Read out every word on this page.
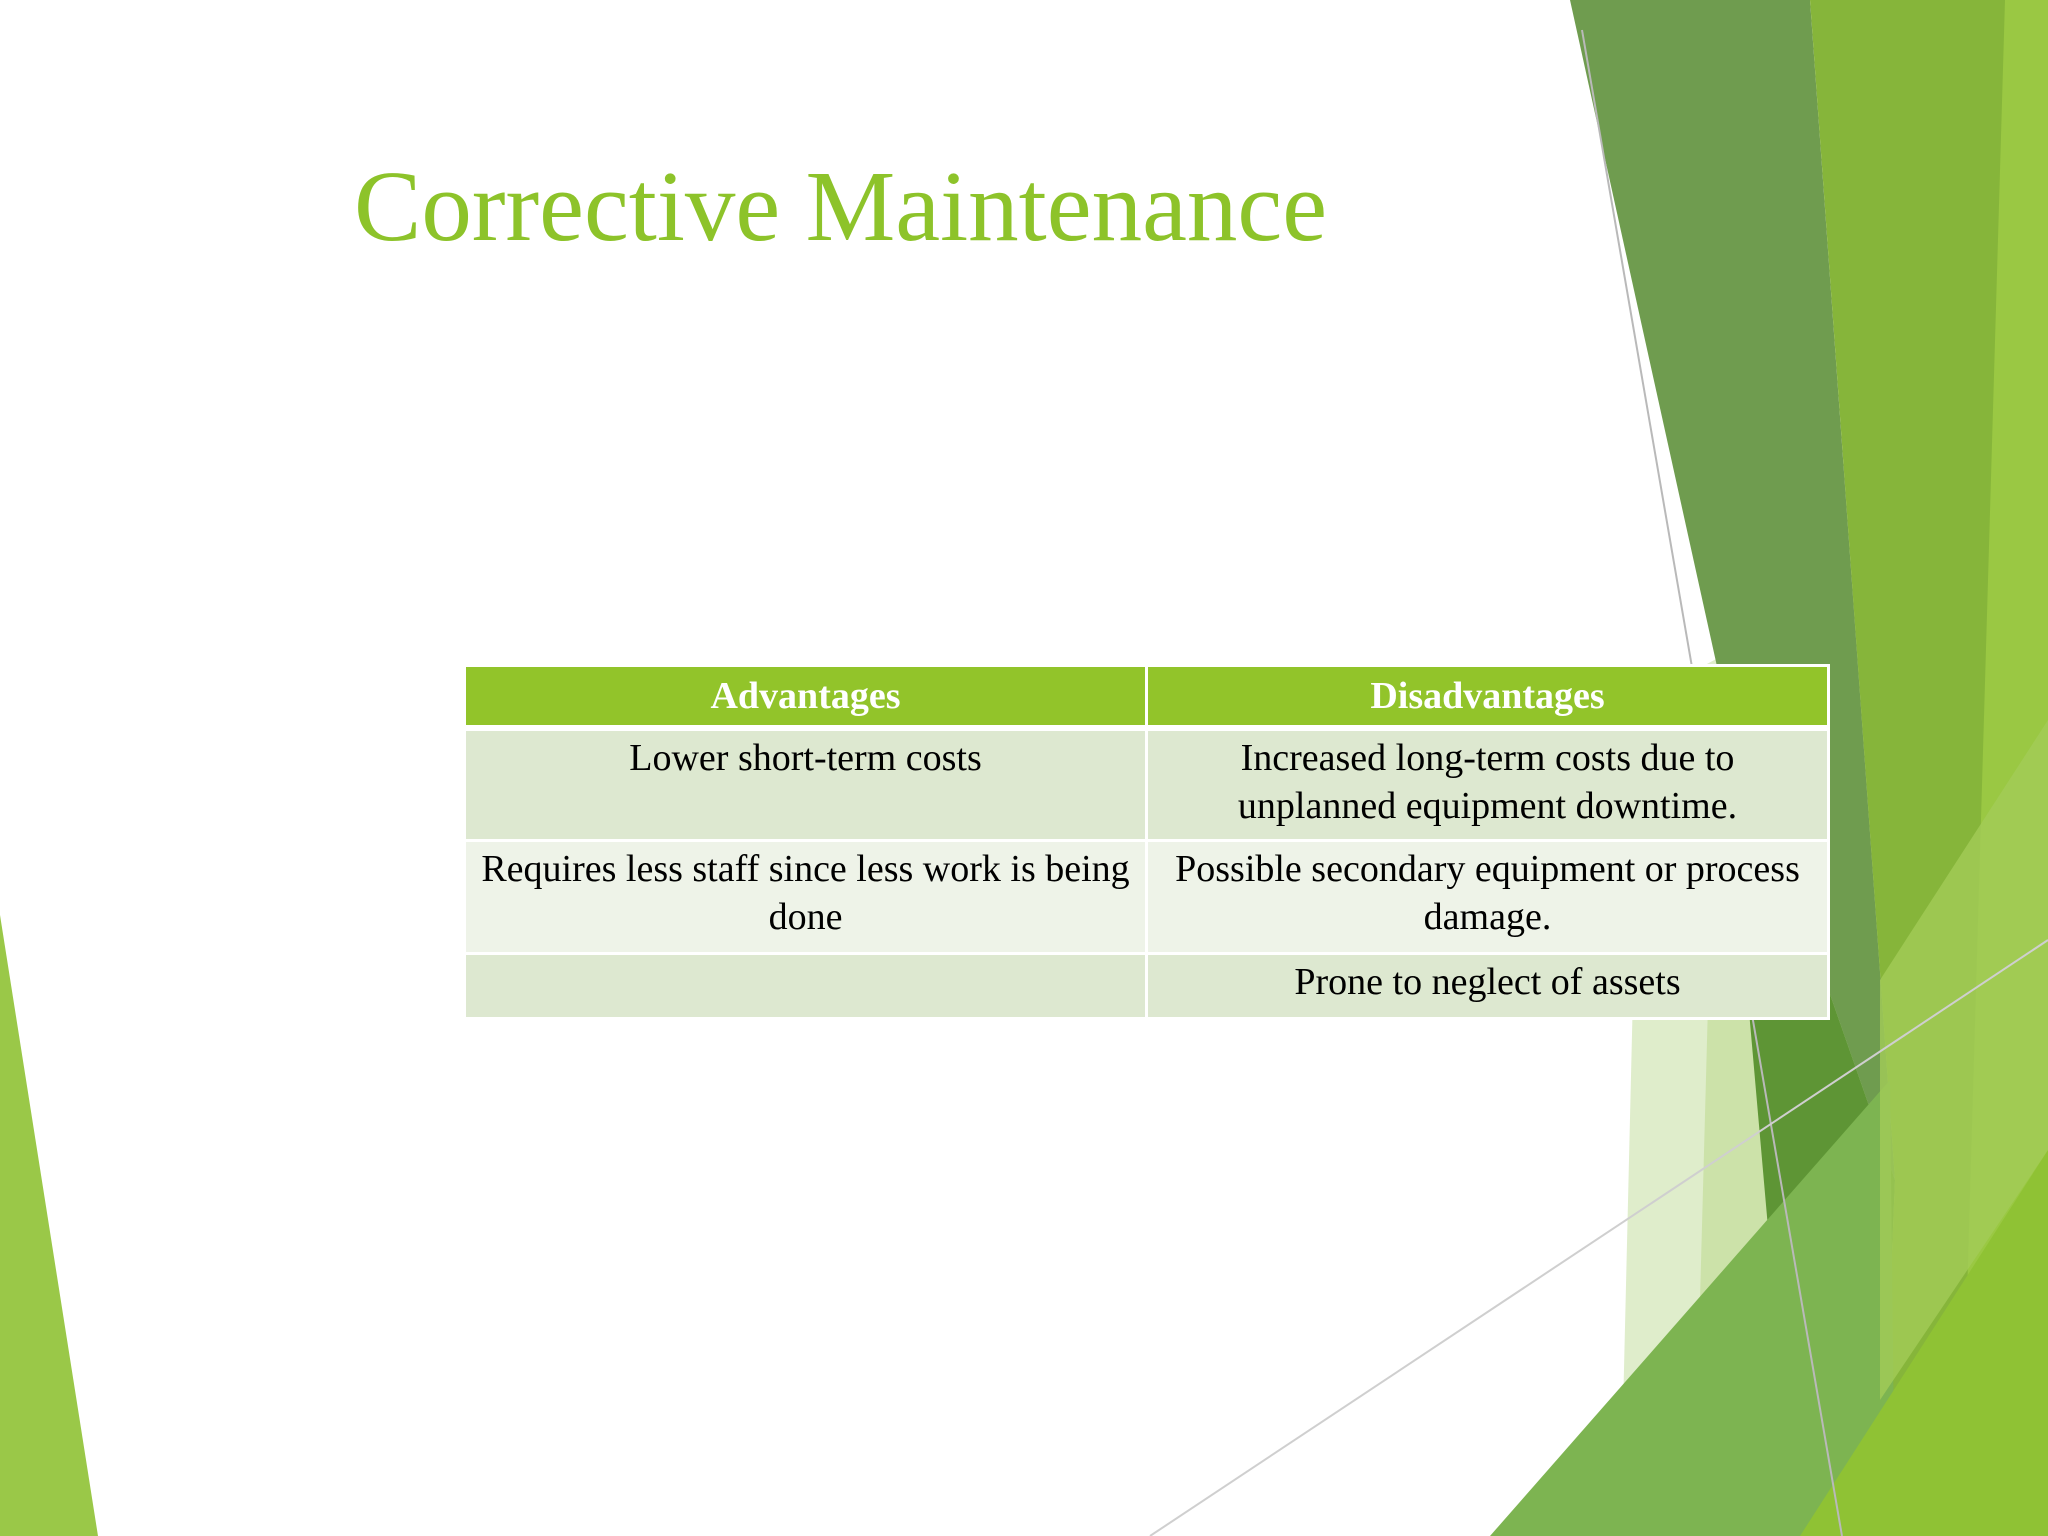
Corrective Maintenance
Advantages	Disadvantages
Lower short-term costs	Increased long-term costs due to unplanned equipment downtime.
Requires less staff since less work is being done	Possible secondary equipment or process damage.
	Prone to neglect of assets
